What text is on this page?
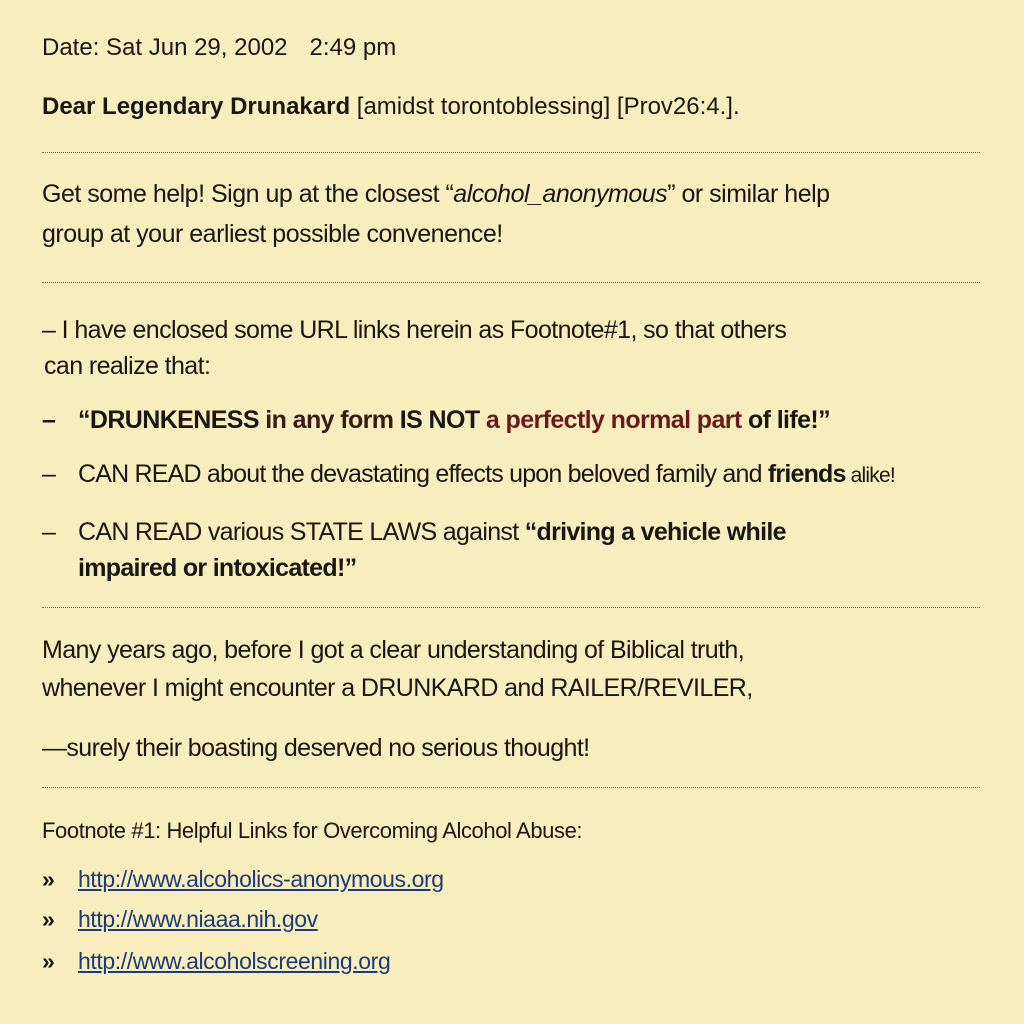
Date: Sat Jun 29, 2002 2:49 pm
Dear Legendary Drunakard [amidst torontoblessing] [Prov26:4.].
Get some help! Sign up at the closest “alcohol_anonymous” or similar help
group at your earliest possible convenence!
– I have enclosed some URL links herein as Footnote#1, so that others
can realize that:
– “DRUNKENESS in any form IS NOT a perfectly normal part of life!”
– CAN READ about the devastating effects upon beloved family and friends alike!
– CAN READ various STATE LAWS against “driving a vehicle while
impaired or intoxicated!”
Many years ago, before I got a clear understanding of Biblical truth,
whenever I might encounter a DRUNKARD and RAILER/REVILER,
—surely their boasting deserved no serious thought!
Footnote #1: Helpful Links for Overcoming Alcohol Abuse:
» http://www.alcoholics-anonymous.org
» http://www.niaaa.nih.gov
» http://www.alcoholscreening.org
